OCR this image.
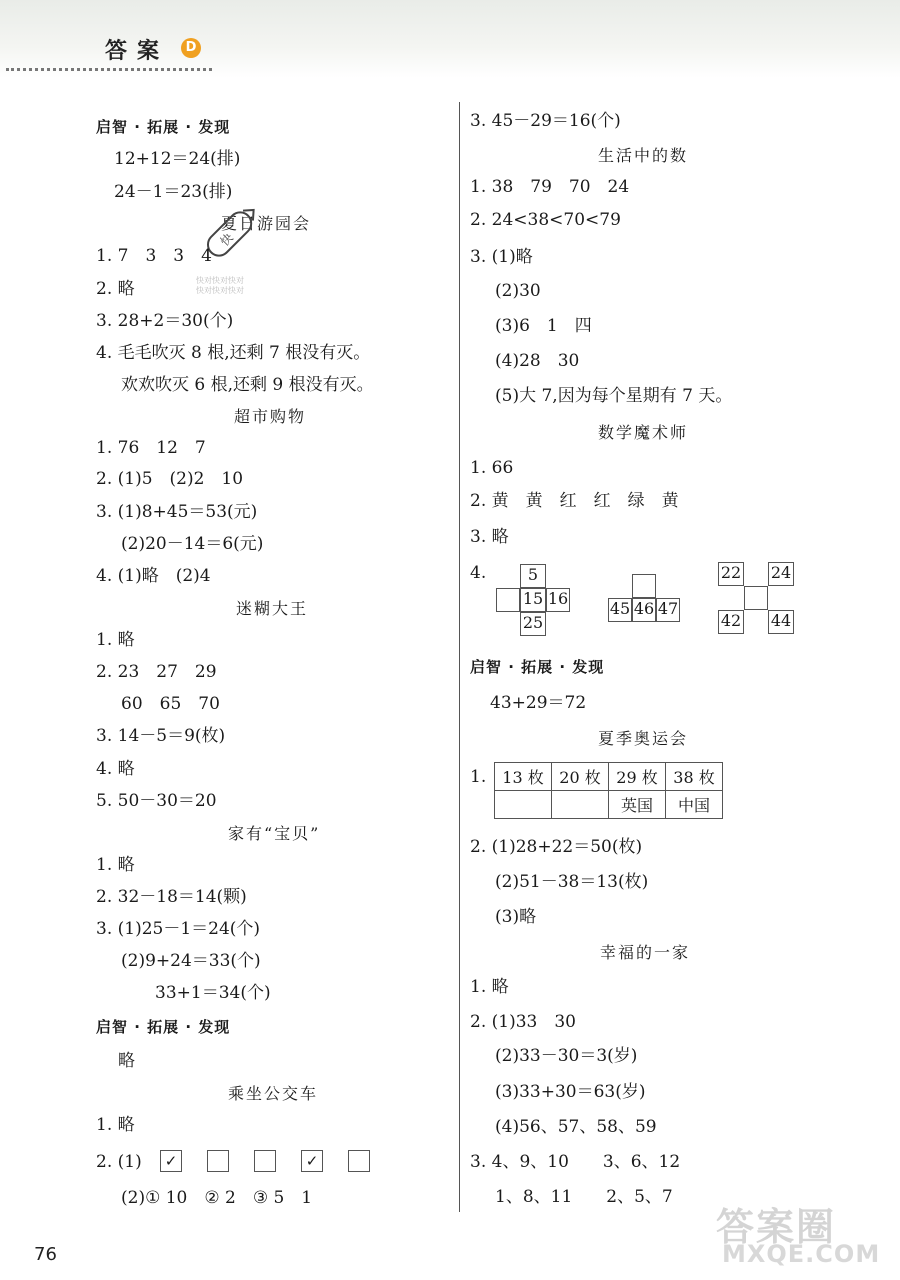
答案	D
启智 · 拓展 · 发现
12+12＝24(排)
24－1＝23(排)
夏日游园会
快
1. 7　3　3　4
快对快对快对
快对快对快对
2. 略
3. 28+2＝30(个)
4. 毛毛吹灭 8 根,还剩 7 根没有灭。
欢欢吹灭 6 根,还剩 9 根没有灭。
超市购物
1. 76　12　7
2. (1)5　(2)2　10
3. (1)8+45＝53(元)
(2)20－14＝6(元)
4. (1)略　(2)4
迷糊大王
1. 略
2. 23　27　29
60　65　70
3. 14－5＝9(枚)
4. 略
5. 50－30＝20
家有“宝贝”
1. 略
2. 32－18＝14(颗)
3. (1)25－1＝24(个)
(2)9+24＝33(个)
33+1＝34(个)
启智 · 拓展 · 发现
略
乘坐公交车
1. 略
2. (1)	✓	✓
(2)① 10　② 2　③ 5　1
3. 45－29＝16(个)
生活中的数
1. 38　79　70　24
2. 24<38<70<79
3. (1)略
(2)30
(3)6　1　四
(4)28　30
(5)大 7,因为每个星期有 7 天。
数学魔术师
1. 66
2. 黄　黄　红　红　绿　黄
3. 略
4.	5
15 16
25
45 46 47
22 24
42 44
启智 · 拓展 · 发现
43+29＝72
夏季奥运会
1. 13 枚	20 枚	29 枚	38 枚
		英国	中国
2. (1)28+22＝50(枚)
(2)51－38＝13(枚)
(3)略
幸福的一家
1. 略
2. (1)33　30
(2)33－30＝3(岁)
(3)33+30＝63(岁)
(4)56、57、58、59
3. 4、9、10　　3、6、12
1、8、11　　2、5、7
答案圈
MXQE.COM
76
